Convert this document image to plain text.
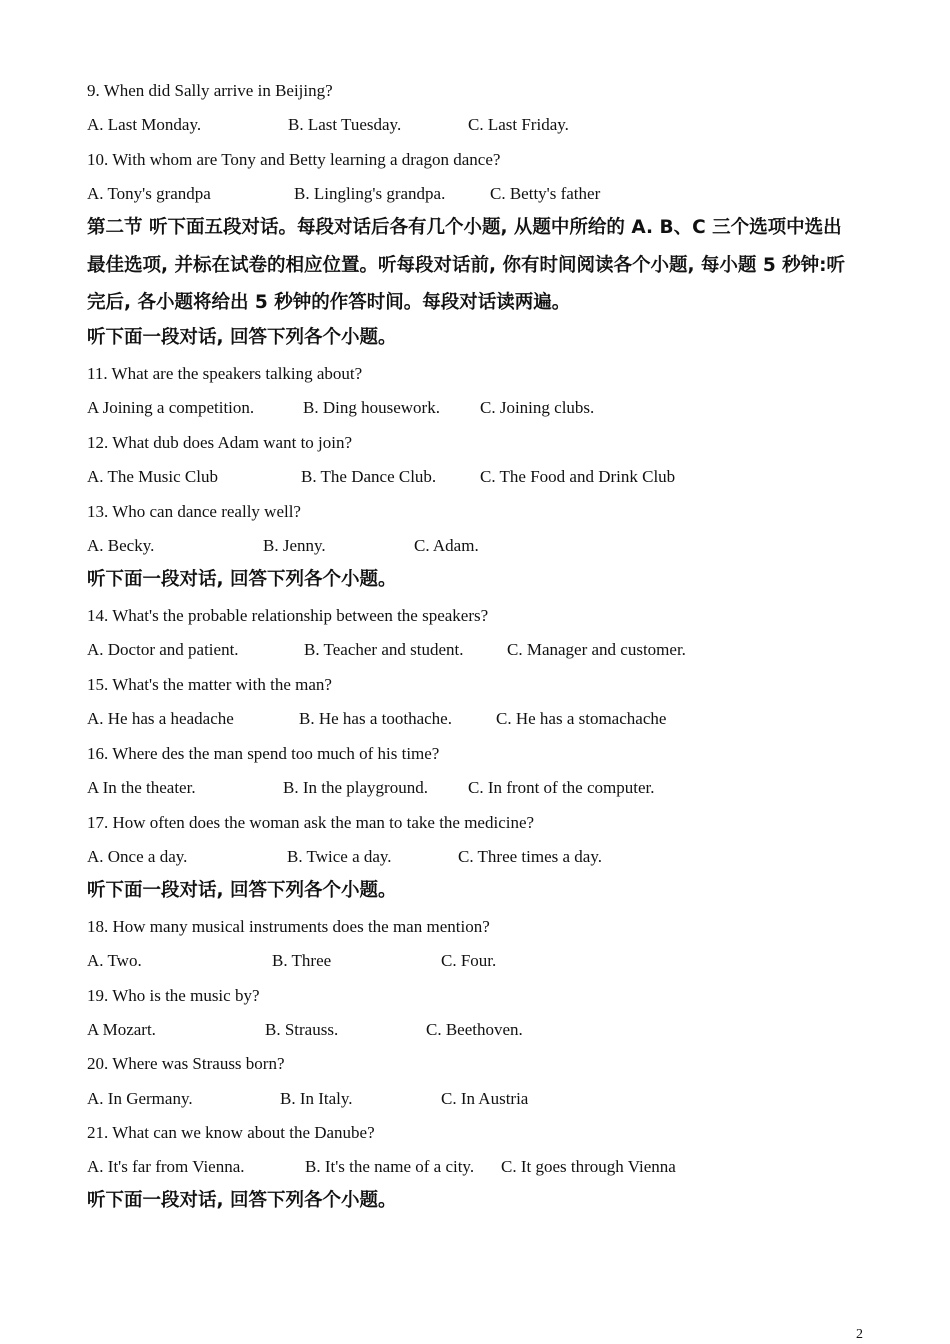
9. When did Sally arrive in Beijing?
A. Last Monday.	B. Last Tuesday.	C. Last Friday.
10. With whom are Tony and Betty learning a dragon dance?
A. Tony's grandpa	B. Lingling's grandpa.	C. Betty's father
第二节 听下面五段对话。每段对话后各有几个小题, 从题中所给的 A. B、C 三个选项中选出
最佳选项, 并标在试卷的相应位置。听每段对话前, 你有时间阅读各个小题, 每小题 5 秒钟:听
完后, 各小题将给出 5 秒钟的作答时间。每段对话读两遍。
听下面一段对话, 回答下列各个小题。
11. What are the speakers talking about?
A Joining a competition.	B. Ding housework. C. Joining clubs.
12. What dub does Adam want to join?
A. The Music Club	B. The Dance Club.	C. The Food and Drink Club
13. Who can dance really well?
A. Becky.	B. Jenny.	C. Adam.
听下面一段对话, 回答下列各个小题。
14. What's the probable relationship between the speakers?
A. Doctor and patient.	B. Teacher and student.	C. Manager and customer.
15. What's the matter with the man?
A. He has a headache	B. He has a toothache.	C. He has a stomachache
16. Where des the man spend too much of his time?
A In the theater.	B. In the playground. C. In front of the computer.
17. How often does the woman ask the man to take the medicine?
A. Once a day.	B. Twice a day.	C. Three times a day.
听下面一段对话, 回答下列各个小题。
18. How many musical instruments does the man mention?
A. Two.	B. Three	C. Four.
19. Who is the music by?
A Mozart.	B. Strauss.	C. Beethoven.
20. Where was Strauss born?
A. In Germany.	B. In Italy.	C. In Austria
21. What can we know about the Danube?
A. It's far from Vienna.	B. It's the name of a city. C. It goes through Vienna
听下面一段对话, 回答下列各个小题。
2
